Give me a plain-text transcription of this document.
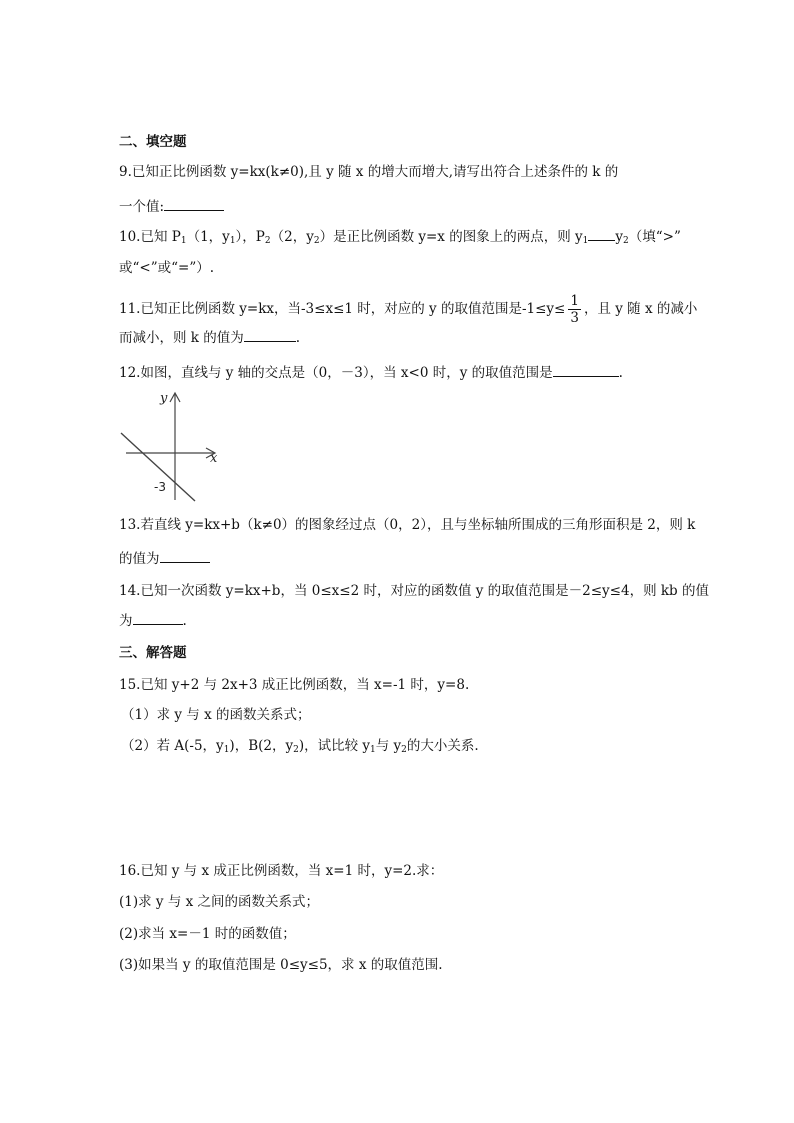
二、填空题
9.已知正比例函数 y=kx(k≠0),且 y 随 x 的增大而增大,请写出符合上述条件的 k 的
一个值:
10.已知 $P_1(1$，$y_1$），$P_2(2$，$y_2$）是正比例函数 y=x 的图象上的两点，则 $y_1$ $y_2$（填“>”
或“<”或“=”）.
11.已知正比例函数 y=kx，当-3≤x≤1 时，对应的 y 的取值范围是$-1\le y\le \frac{1}{3}$ ，且 y 随 x 的减小
而减小，则 k 的值为	.
12.如图，直线与 y 轴的交点是（0，－3），当 x<0 时，y 的取值范围是	.
y
x
-3
13.若直线 y=kx+b（k≠0）的图象经过点（0，2），且与坐标轴所围成的三角形面积是 2，则 k
的值为
14.已知一次函数 y=kx+b，当 0≤x≤2 时，对应的函数值 y 的取值范围是－2≤y≤4，则 kb 的值
为	.
三、解答题
15.已知 y+2 与 2x+3 成正比例函数，当 x=-1 时，y=8.
（1）求 y 与 x 的函数关系式；
（2）若 A(-5，$y_1$)，B(2，$y_2$)，试比较 $y_1$与 $y_2$的大小关系.
16.已知 y 与 x 成正比例函数，当 x=1 时，y=2.求：
(1)求 y 与 x 之间的函数关系式；
(2)求当 x=－1 时的函数值；
(3)如果当 y 的取值范围是 0≤y≤5，求 x 的取值范围.
